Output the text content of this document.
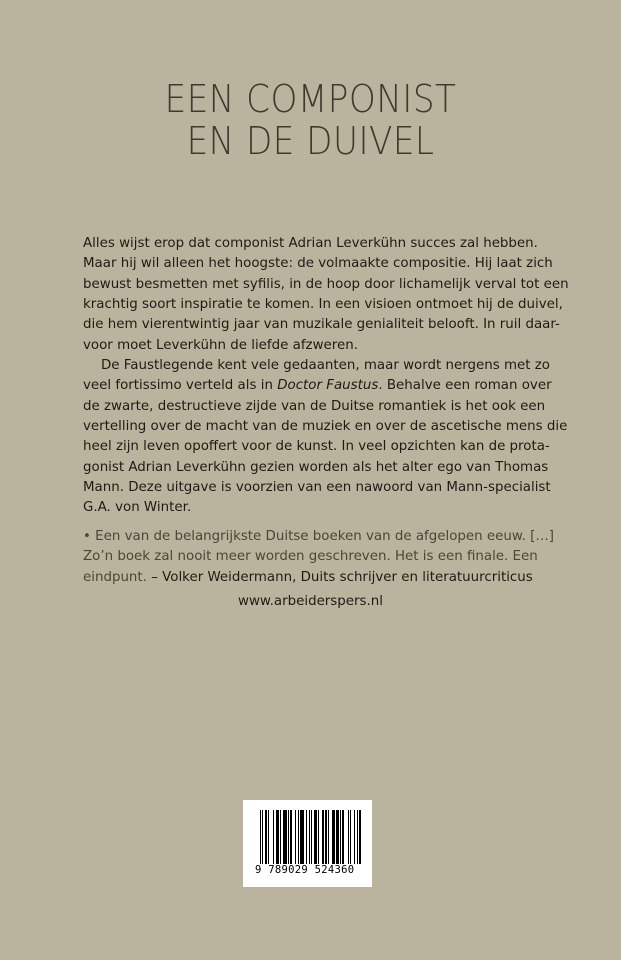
EEN COMPONIST
EN DE DUIVEL
Alles wijst erop dat componist Adrian Leverkühn succes zal hebben.
Maar hij wil alleen het hoogste: de volmaakte compositie. Hij laat zich
bewust besmetten met syfilis, in de hoop door lichamelijk verval tot een
krachtig soort inspiratie te komen. In een visioen ontmoet hij de duivel,
die hem vierentwintig jaar van muzikale genialiteit belooft. In ruil daar-
voor moet Leverkühn de liefde afzweren.
De Faustlegende kent vele gedaanten, maar wordt nergens met zo
veel fortissimo verteld als in Doctor Faustus. Behalve een roman over
de zwarte, destructieve zijde van de Duitse romantiek is het ook een
vertelling over de macht van de muziek en over de ascetische mens die
heel zijn leven opoffert voor de kunst. In veel opzichten kan de prota-
gonist Adrian Leverkühn gezien worden als het alter ego van Thomas
Mann. Deze uitgave is voorzien van een nawoord van Mann-specialist
G.A. von Winter.
• Een van de belangrijkste Duitse boeken van de afgelopen eeuw. […]
Zo’n boek zal nooit meer worden geschreven. Het is een finale. Een
eindpunt. – Volker Weidermann, Duits schrijver en literatuurcriticus
www.arbeiderspers.nl
9 789029 524360
